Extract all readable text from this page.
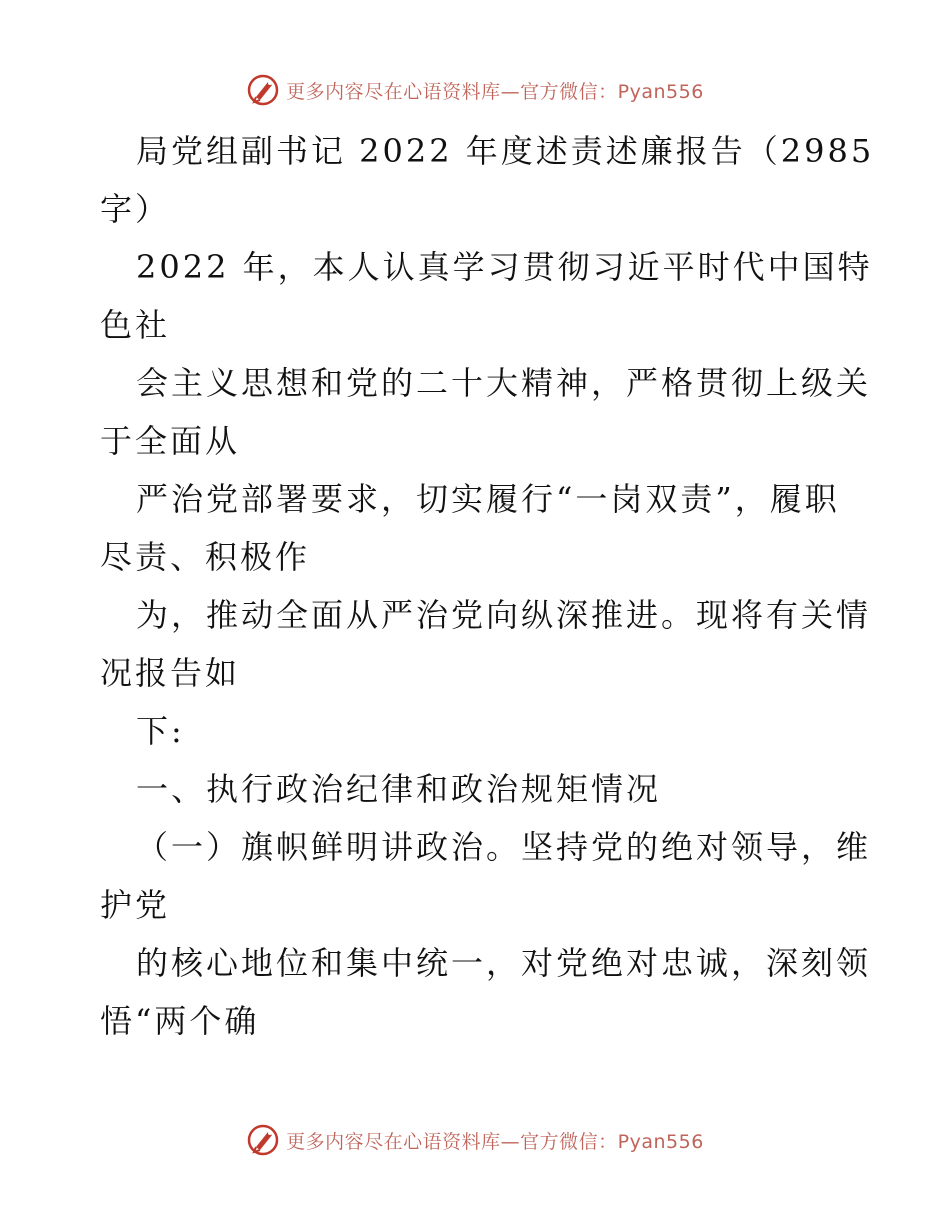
更多内容尽在心语资料库—官方微信：Pyan556
局党组副书记 2022 年度述责述廉报告（2985
字）
2022 年，本人认真学习贯彻习近平时代中国特
色社
会主义思想和党的二十大精神，严格贯彻上级关
于全面从
严治党部署要求，切实履行“一岗双责”，履职
尽责、积极作
为，推动全面从严治党向纵深推进。现将有关情
况报告如
下:
一、执行政治纪律和政治规矩情况
（一）旗帜鲜明讲政治。坚持党的绝对领导，维
护党
的核心地位和集中统一，对党绝对忠诚，深刻领
悟“两个确
更多内容尽在心语资料库—官方微信：Pyan556
